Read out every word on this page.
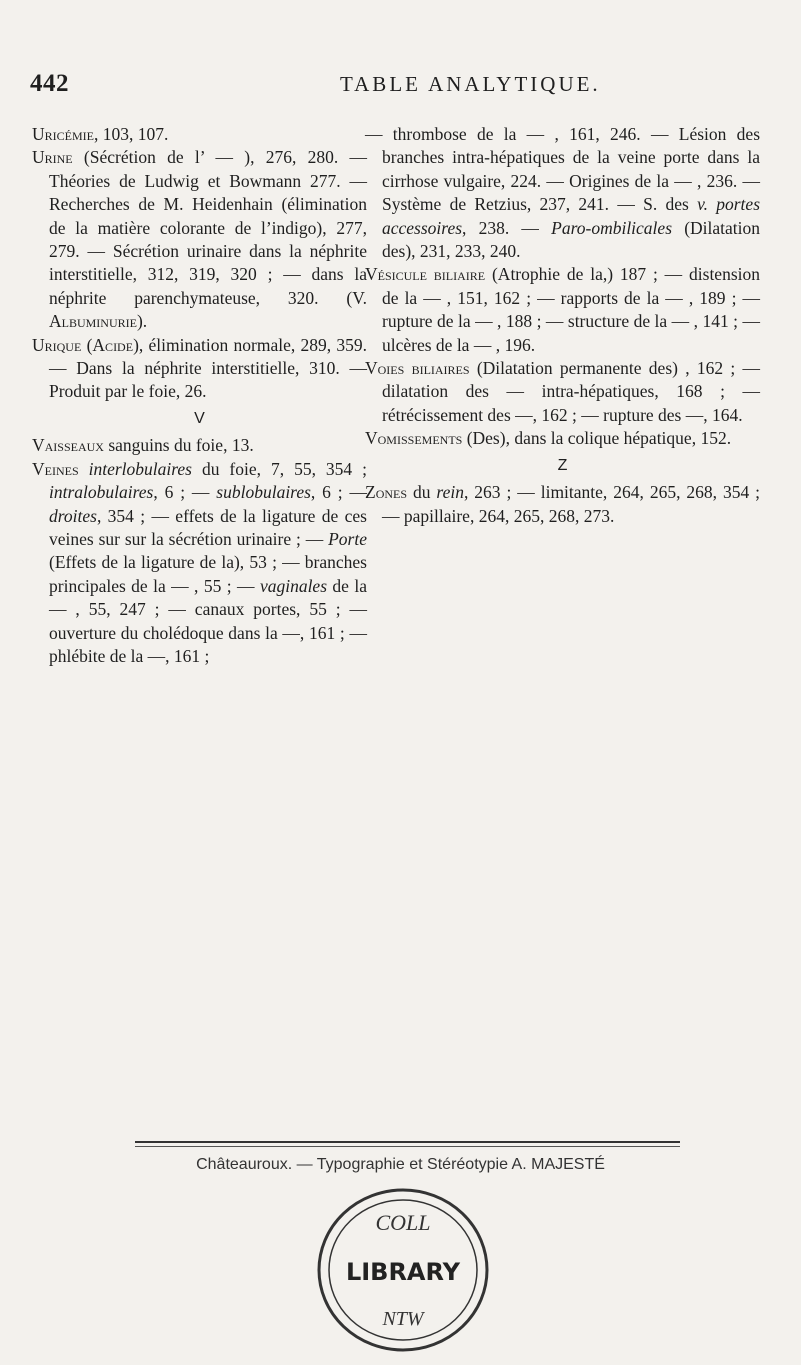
442	TABLE ANALYTIQUE.

Uricémie, 103, 107.

Urine (Sécrétion de l’ — ), 276, 280. —Théories de Ludwig et Bowmann 277. — Recherches de M. Heidenhain (élimination de la matière colorante de l’indigo), 277, 279. — Sécrétion urinaire dans la néphrite interstitielle, 312, 319, 320 ; — dans la néphrite parenchymateuse, 320. (V. Albuminurie).

Urique (Acide), élimination normale, 289, 359. — Dans la néphrite interstitielle, 310. — Produit par le foie, 26.

V

Vaisseaux sanguins du foie, 13.

Veines interlobulaires du foie, 7, 55, 354 ; intralobulaires, 6 ; — sublobulaires, 6 ; — droites, 354 ; — effets de la ligature de ces veines sur sur la sécrétion urinaire ; — Porte (Effets de la ligature de la), 53 ; — branches principales de la — , 55 ; — vaginales de la — , 55, 247 ; — canaux portes, 55 ; — ouverture du cholédoque dans la —, 161 ; — phlébite de la —, 161 ;

— thrombose de la — , 161, 246. — Lésion des branches intra-hépatiques de la veine porte dans la cirrhose vulgaire, 224. — Origines de la — , 236. — Système de Retzius, 237, 241. — S. des v. portes accessoires, 238. — Paro-ombilicales (Dilatation des), 231, 233, 240.

Vésicule biliaire (Atrophie de la,) 187 ; — distension de la — , 151, 162 ; — rapports de la — , 189 ; — rupture de la — , 188 ; — structure de la — , 141 ; — ulcères de la — , 196.

Voies biliaires (Dilatation permanente des) , 162 ; — dilatation des — intra-hépatiques, 168 ; — rétrécissement des —, 162 ; — rupture des —, 164.

Vomissements (Des), dans la colique hépatique, 152.

Z

Zones du rein, 263 ; — limitante, 264, 265, 268, 354 ; — papillaire, 264, 265, 268, 273.

Châteauroux. — Typographie et Stéréotypie A. MAJESTÉ
COLL
LIBRARY
NTW
